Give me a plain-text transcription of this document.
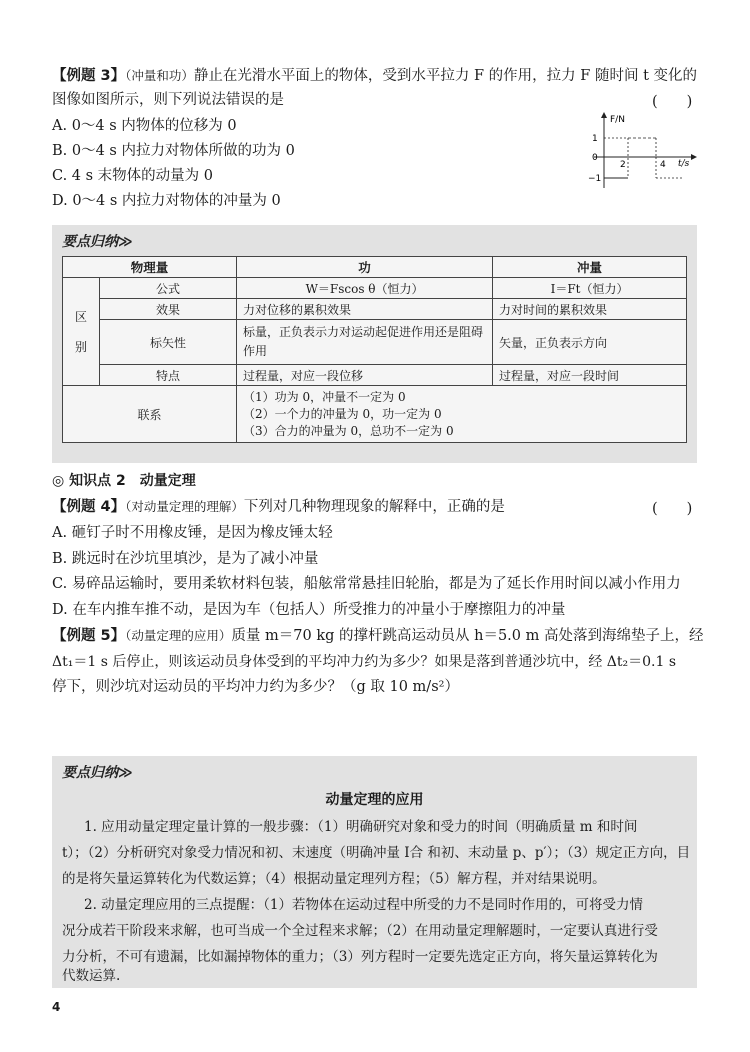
【例题 3】（冲量和功）静止在光滑水平面上的物体，受到水平拉力 F 的作用，拉力 F 随时间 t 变化的
图像如图所示，则下列说法错误的是	(　　)
A. 0～4 s 内物体的位移为 0
B. 0～4 s 内拉力对物体所做的功为 0
C. 4 s 末物体的动量为 0
D. 0～4 s 内拉力对物体的冲量为 0
F/N
t/s
1
0
−1
2	4
要点归纳≫
物理量		功	冲量

区
别	公式	W＝Fscos θ（恒力）	I＝Ft（恒力）
	效果	力对位移的累积效果	力对时间的累积效果
	标矢性	标量，正负表示力对运动起促进作用还是阻碍作用	矢量，正负表示方向
	特点	过程量，对应一段位移	过程量，对应一段时间
联系		（1）功为 0，冲量不一定为 0
（2）一个力的冲量为 0，功一定为 0
（3）合力的冲量为 0，总功不一定为 0	
◎ 知识点 2　动量定理
【例题 4】（对动量定理的理解）下列对几种物理现象的解释中，正确的是	(　　)
A. 砸钉子时不用橡皮锤，是因为橡皮锤太轻
B. 跳远时在沙坑里填沙，是为了减小冲量
C. 易碎品运输时，要用柔软材料包装，船舷常常悬挂旧轮胎，都是为了延长作用时间以减小作用力
D. 在车内推车推不动，是因为车（包括人）所受推力的冲量小于摩擦阻力的冲量
【例题 5】（动量定理的应用）质量 m＝70 kg 的撑杆跳高运动员从 h＝5.0 m 高处落到海绵垫子上，经
Δt₁＝1 s 后停止，则该运动员身体受到的平均冲力约为多少？如果是落到普通沙坑中，经 Δt₂＝0.1 s
停下，则沙坑对运动员的平均冲力约为多少？（g 取 10 m/s²）
要点归纳≫
动量定理的应用
1. 应用动量定理定量计算的一般步骤：（1）明确研究对象和受力的时间（明确质量 m 和时间
t）；（2）分析研究对象受力情况和初、末速度（明确冲量 I合 和初、末动量 p、p′）；（3）规定正方向，目
的是将矢量运算转化为代数运算；（4）根据动量定理列方程；（5）解方程，并对结果说明。
2. 动量定理应用的三点提醒：（1）若物体在运动过程中所受的力不是同时作用的，可将受力情
况分成若干阶段来求解，也可当成一个全过程来求解；（2）在用动量定理解题时，一定要认真进行受
力分析，不可有遗漏，比如漏掉物体的重力；（3）列方程时一定要先选定正方向，将矢量运算转化为
代数运算.
4
